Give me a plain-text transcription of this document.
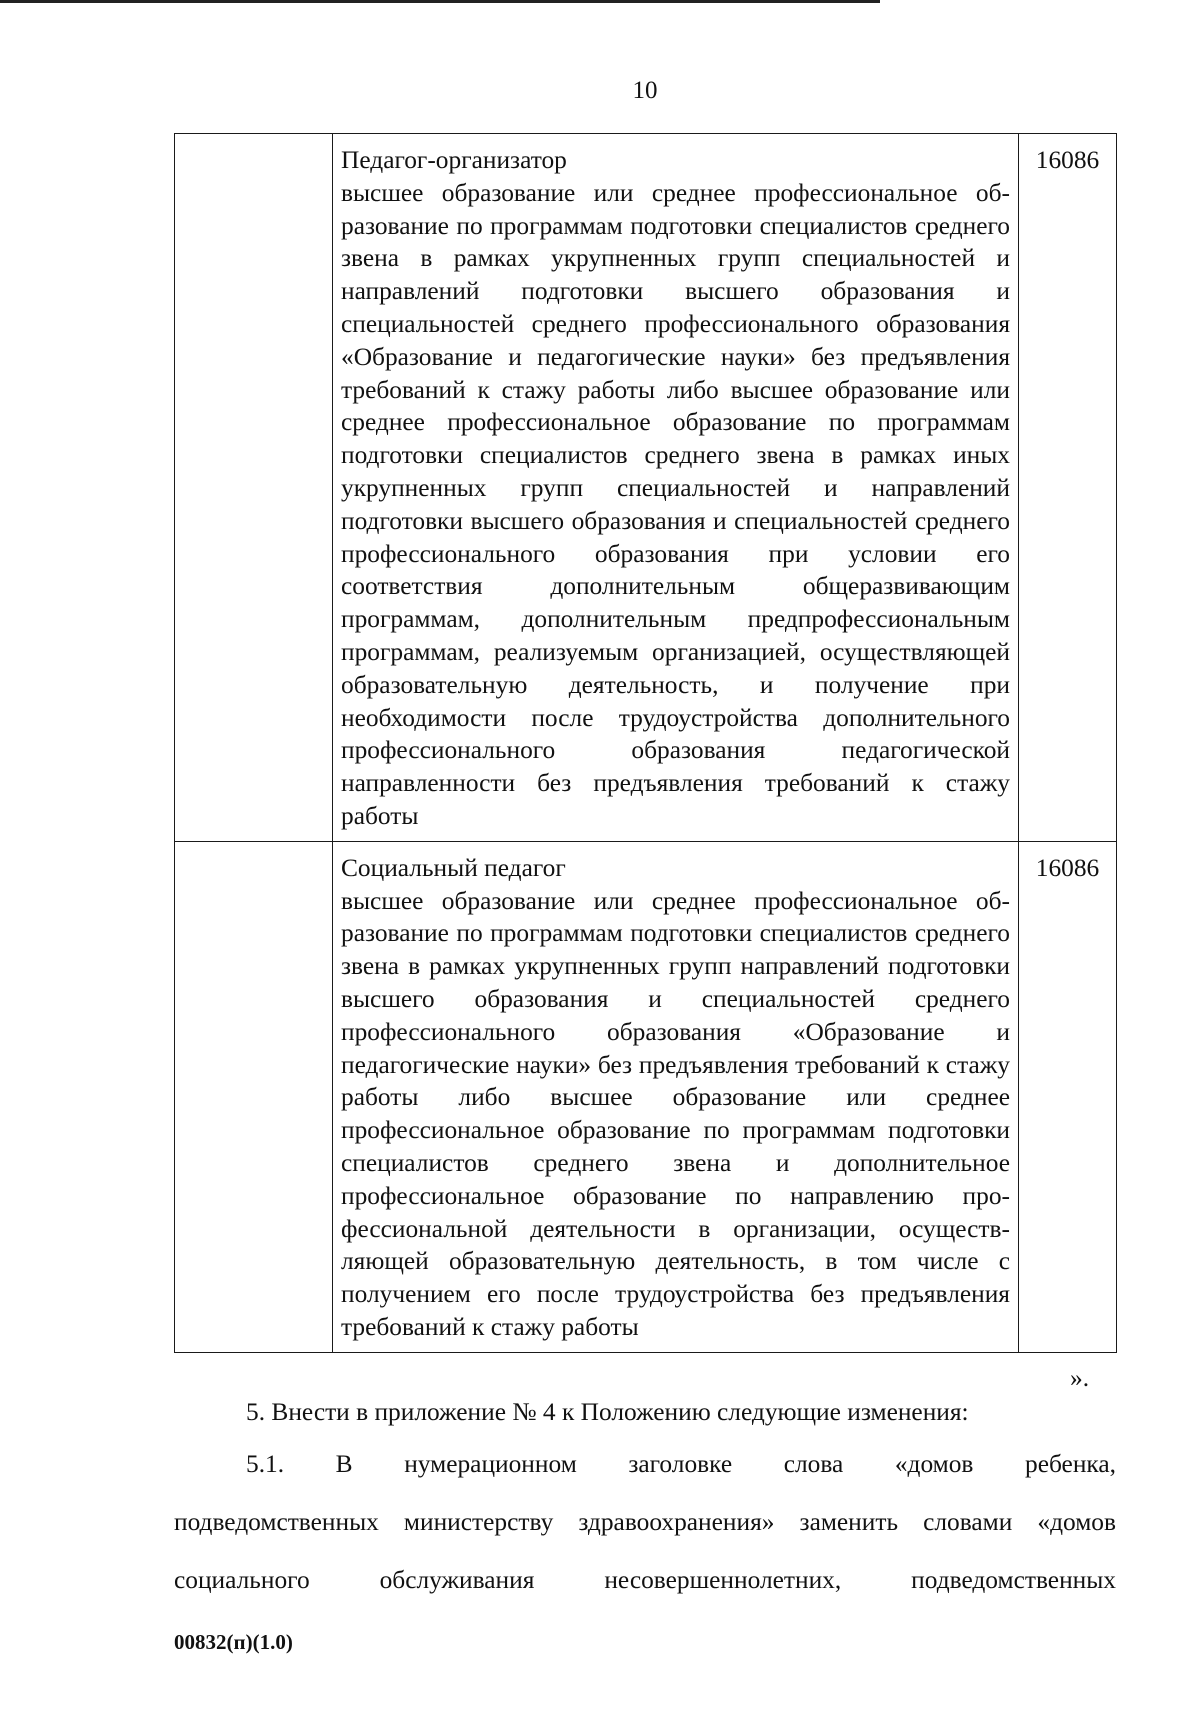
10

	Педагог-организатор
высшее образование или среднее профессиональное образование по программам подготовки специалистов среднего звена в рамках укрупненных групп специальностей и направлений подготовки высшего образования и специальностей среднего профессионального образования «Образование и педагогические науки» без предъявления требований к стажу работы либо высшее образование или среднее профессиональное образование по программам подготовки специалистов среднего звена в рамках иных укрупненных групп специальностей и направлений подготовки высшего образования и специальностей среднего профессионального образования при условии его соответствия дополнительным общеразвивающим программам, дополнительным предпрофессиональным программам, реализуемым организацией, осуществляющей образовательную деятельность, и получение при необходимости после трудоустройства дополнительного профессионального образования педагогической направленности без предъявления требований к стажу работы	16086

	Социальный педагог
высшее образование или среднее профессиональное образование по программам подготовки специалистов среднего звена в рамках укрупненных групп направлений подготовки высшего образования и специальностей среднего профессионального образования «Образование и педагогические науки» без предъявления требований к стажу работы либо высшее образование или среднее профессиональное образование по программам подготовки специалистов среднего звена и дополнительное профессиональное образование по направлению профессиональной деятельности в организации, осуществляющей образовательную деятельность, в том числе с получением его после трудоустройства без предъявления требований к стажу работы	16086
».
5. Внести в приложение № 4 к Положению следующие изменения:
5.1. В нумерационном заголовке слова «домов ребенка,
подведомственных министерству здравоохранения» заменить словами «домов
социального обслуживания несовершеннолетних, подведомственных
00832(п)(1.0)
